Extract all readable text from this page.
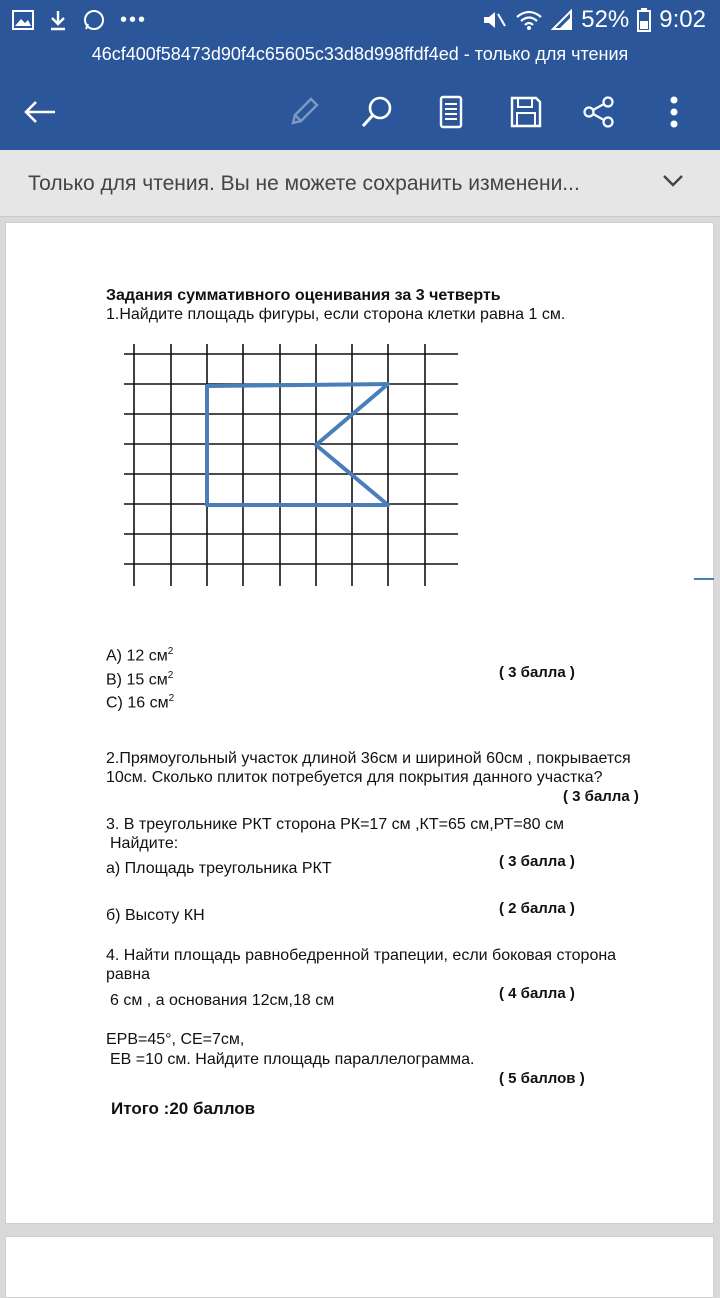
•••	52% 9:02
46cf400f58473d90f4c65605c33d8d998ffdf4ed - только для чтения
Только для чтения. Вы не можете сохранить изменени...
Задания суммативного оценивания за 3 четверть
1.Найдите площадь фигуры, если сторона клетки равна 1 см.
А) 12 $см^2$
В) 15 $см^2$
С) 16 $см^2$
( 3 балла )
2.Прямоугольный участок длиной 36см и шириной 60см , покрывается
10см. Сколько плиток потребуется для покрытия данного участка?
( 3 балла )
3. В треугольнике РКТ сторона РК=17 см ,КТ=65 см,РТ=80 см
Найдите:
а) Площадь треугольника РКТ	( 3 балла )
б) Высоту КН	( 2 балла )
4. Найти площадь равнобедренной трапеции, если боковая сторона
равна
6 см , а основания 12см,18 см	( 4 балла )
ЕРВ=45°, СЕ=7см,
ЕВ =10 см. Найдите площадь параллелограмма.
( 5 баллов )
Итого :20 баллов
